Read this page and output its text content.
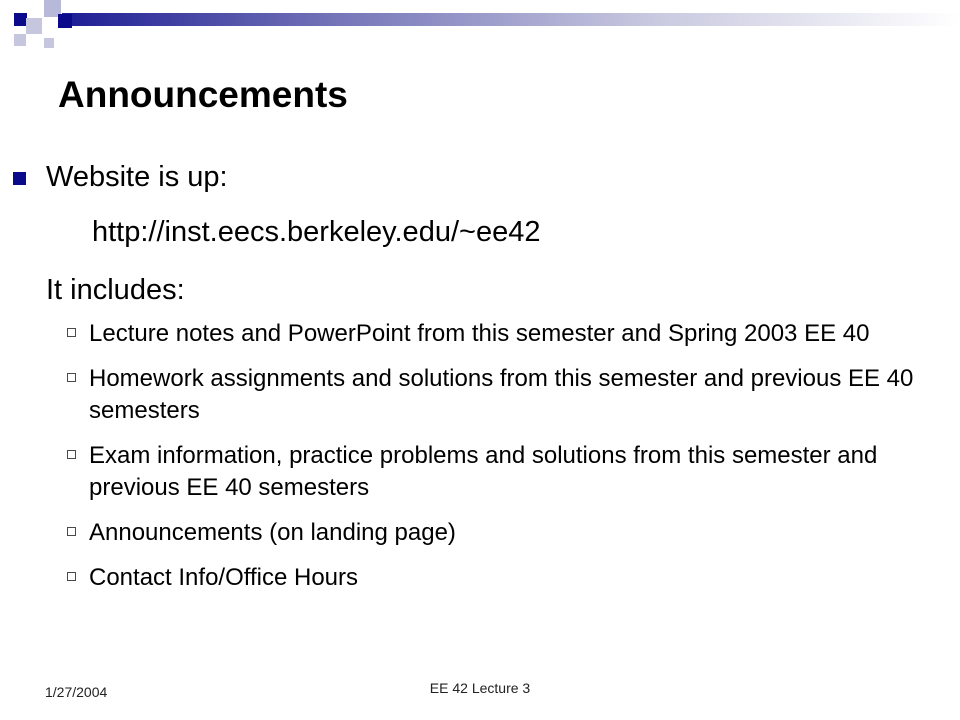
Announcements
Website is up:
http://inst.eecs.berkeley.edu/~ee42
It includes:
Lecture notes and PowerPoint from this semester and Spring 2003 EE 40
Homework assignments and solutions from this semester and previous EE 40 semesters
Exam information, practice problems and solutions from this semester and previous EE 40 semesters
Announcements (on landing page)
Contact Info/Office Hours
1/27/2004	EE 42 Lecture 3
